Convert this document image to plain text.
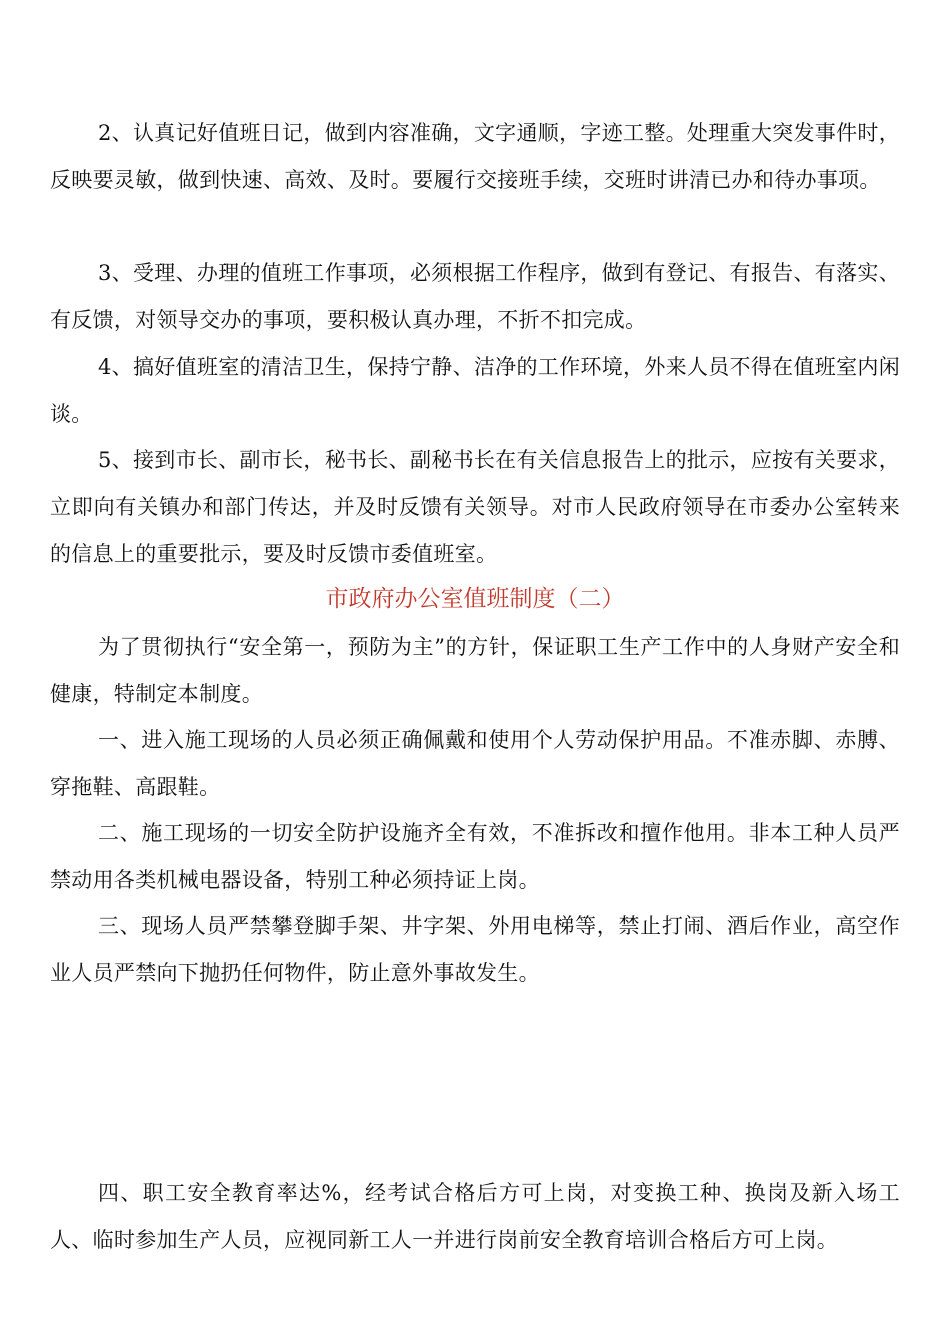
2、认真记好值班日记，做到内容准确，文字通顺，字迹工整。处理重大突发事件时，反映要灵敏，做到快速、高效、及时。要履行交接班手续，交班时讲清已办和待办事项。

3、受理、办理的值班工作事项，必须根据工作程序，做到有登记、有报告、有落实、有反馈，对领导交办的事项，要积极认真办理，不折不扣完成。

4、搞好值班室的清洁卫生，保持宁静、洁净的工作环境，外来人员不得在值班室内闲谈。

5、接到市长、副市长，秘书长、副秘书长在有关信息报告上的批示，应按有关要求，立即向有关镇办和部门传达，并及时反馈有关领导。对市人民政府领导在市委办公室转来的信息上的重要批示，要及时反馈市委值班室。

市政府办公室值班制度（二）

为了贯彻执行“安全第一，预防为主”的方针，保证职工生产工作中的人身财产安全和健康，特制定本制度。

一、进入施工现场的人员必须正确佩戴和使用个人劳动保护用品。不准赤脚、赤膊、穿拖鞋、高跟鞋。

二、施工现场的一切安全防护设施齐全有效，不准拆改和擅作他用。非本工种人员严禁动用各类机械电器设备，特别工种必须持证上岗。

三、现场人员严禁攀登脚手架、井字架、外用电梯等，禁止打闹、酒后作业，高空作业人员严禁向下抛扔任何物件，防止意外事故发生。

四、职工安全教育率达%，经考试合格后方可上岗，对变换工种、换岗及新入场工人、临时参加生产人员，应视同新工人一并进行岗前安全教育培训合格后方可上岗。
